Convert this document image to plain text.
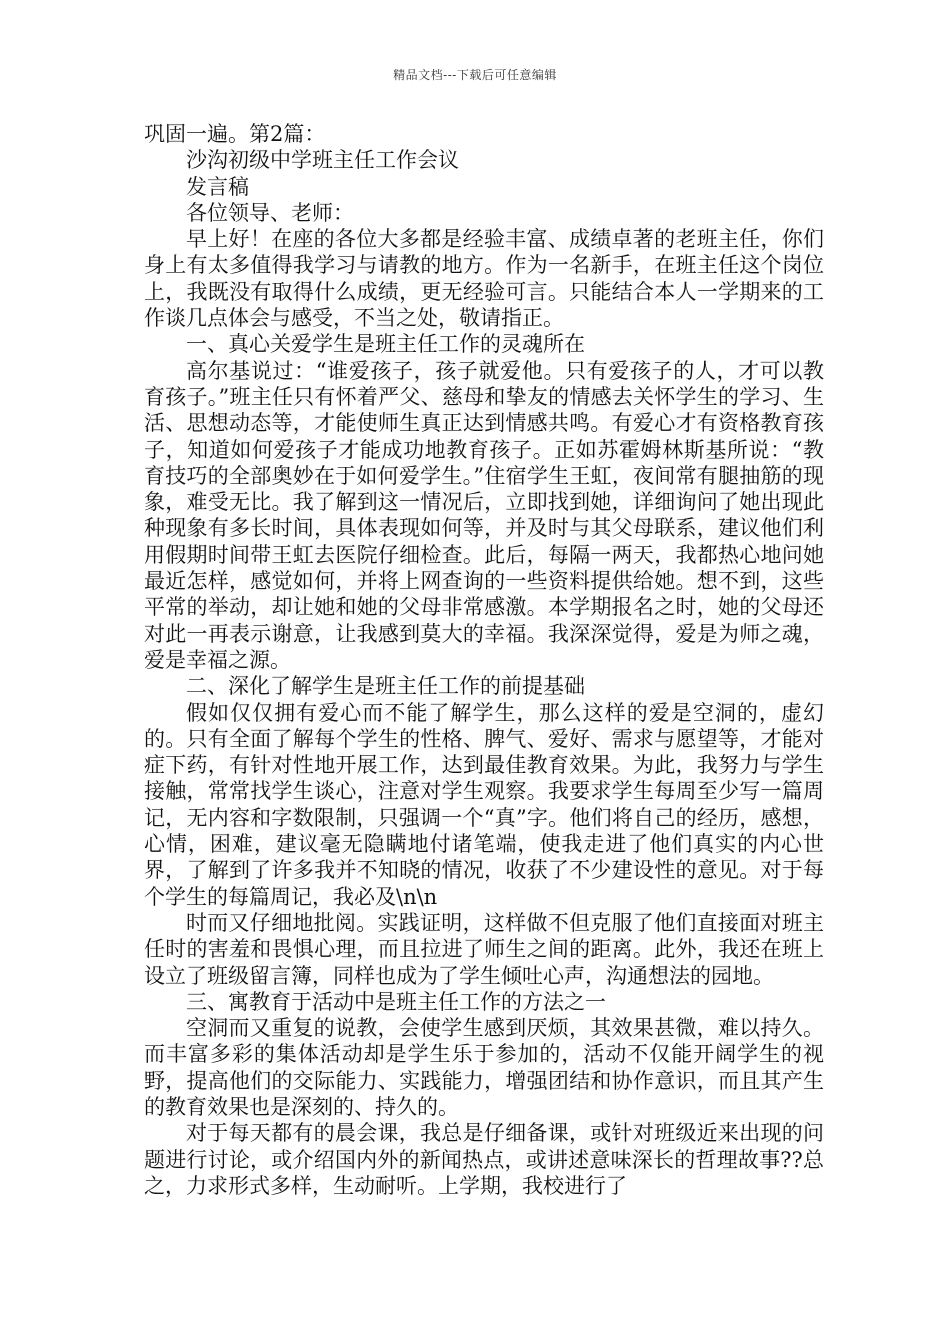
精品文档---下载后可任意编辑

巩固一遍。第2篇：

沙沟初级中学班主任工作会议

发言稿

各位领导、老师：

早上好！在座的各位大多都是经验丰富、成绩卓著的老班主任，你们身上有太多值得我学习与请教的地方。作为一名新手，在班主任这个岗位上，我既没有取得什么成绩，更无经验可言。只能结合本人一学期来的工作谈几点体会与感受，不当之处，敬请指正。

一、真心关爱学生是班主任工作的灵魂所在

高尔基说过：“谁爱孩子，孩子就爱他。只有爱孩子的人，才可以教育孩子。”班主任只有怀着严父、慈母和挚友的情感去关怀学生的学习、生活、思想动态等，才能使师生真正达到情感共鸣。有爱心才有资格教育孩子，知道如何爱孩子才能成功地教育孩子。正如苏霍姆林斯基所说：“教育技巧的全部奥妙在于如何爱学生。”住宿学生王虹，夜间常有腿抽筋的现象，难受无比。我了解到这一情况后，立即找到她，详细询问了她出现此种现象有多长时间，具体表现如何等，并及时与其父母联系，建议他们利用假期时间带王虹去医院仔细检查。此后，每隔一两天，我都热心地问她最近怎样，感觉如何，并将上网查询的一些资料提供给她。想不到，这些平常的举动，却让她和她的父母非常感激。本学期报名之时，她的父母还对此一再表示谢意，让我感到莫大的幸福。我深深觉得，爱是为师之魂，爱是幸福之源。

二、深化了解学生是班主任工作的前提基础

假如仅仅拥有爱心而不能了解学生，那么这样的爱是空洞的，虚幻的。只有全面了解每个学生的性格、脾气、爱好、需求与愿望等，才能对症下药，有针对性地开展工作，达到最佳教育效果。为此，我努力与学生接触，常常找学生谈心，注意对学生观察。我要求学生每周至少写一篇周记，无内容和字数限制，只强调一个“真”字。他们将自己的经历，感想，心情，困难，建议毫无隐瞒地付诸笔端，使我走进了他们真实的内心世界，了解到了许多我并不知晓的情况，收获了不少建设性的意见。对于每个学生的每篇周记，我必及\n\n

时而又仔细地批阅。实践证明，这样做不但克服了他们直接面对班主任时的害羞和畏惧心理，而且拉进了师生之间的距离。此外，我还在班上设立了班级留言簿，同样也成为了学生倾吐心声，沟通想法的园地。

三、寓教育于活动中是班主任工作的方法之一

空洞而又重复的说教，会使学生感到厌烦，其效果甚微，难以持久。而丰富多彩的集体活动却是学生乐于参加的，活动不仅能开阔学生的视野，提高他们的交际能力、实践能力，增强团结和协作意识，而且其产生的教育效果也是深刻的、持久的。

对于每天都有的晨会课，我总是仔细备课，或针对班级近来出现的问题进行讨论，或介绍国内外的新闻热点，或讲述意味深长的哲理故事??总之，力求形式多样，生动耐听。上学期，我校进行了
